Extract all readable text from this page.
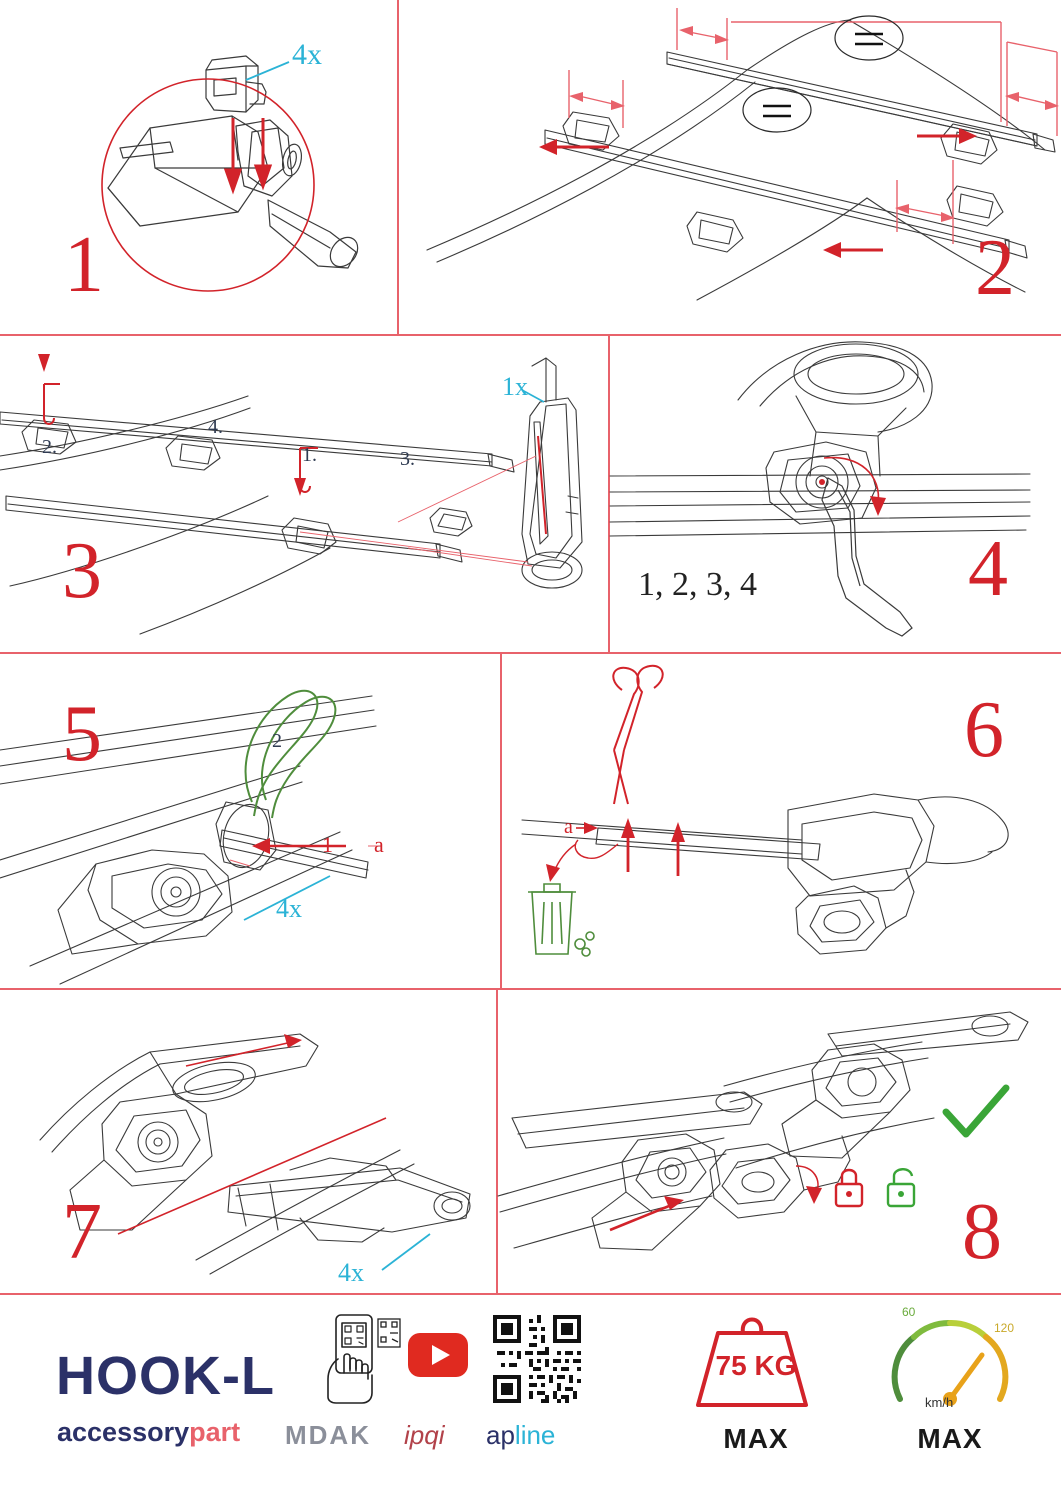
4x
1	2
1.
2.
3.
4.
1x
3	1, 2, 3, 4	4
5
1
2
a
4x
6
a
7	4x	8
HOOK-L
accessorypart MDAK ipqi apline
75 KG
MAX
60
120
km/h
MAX
